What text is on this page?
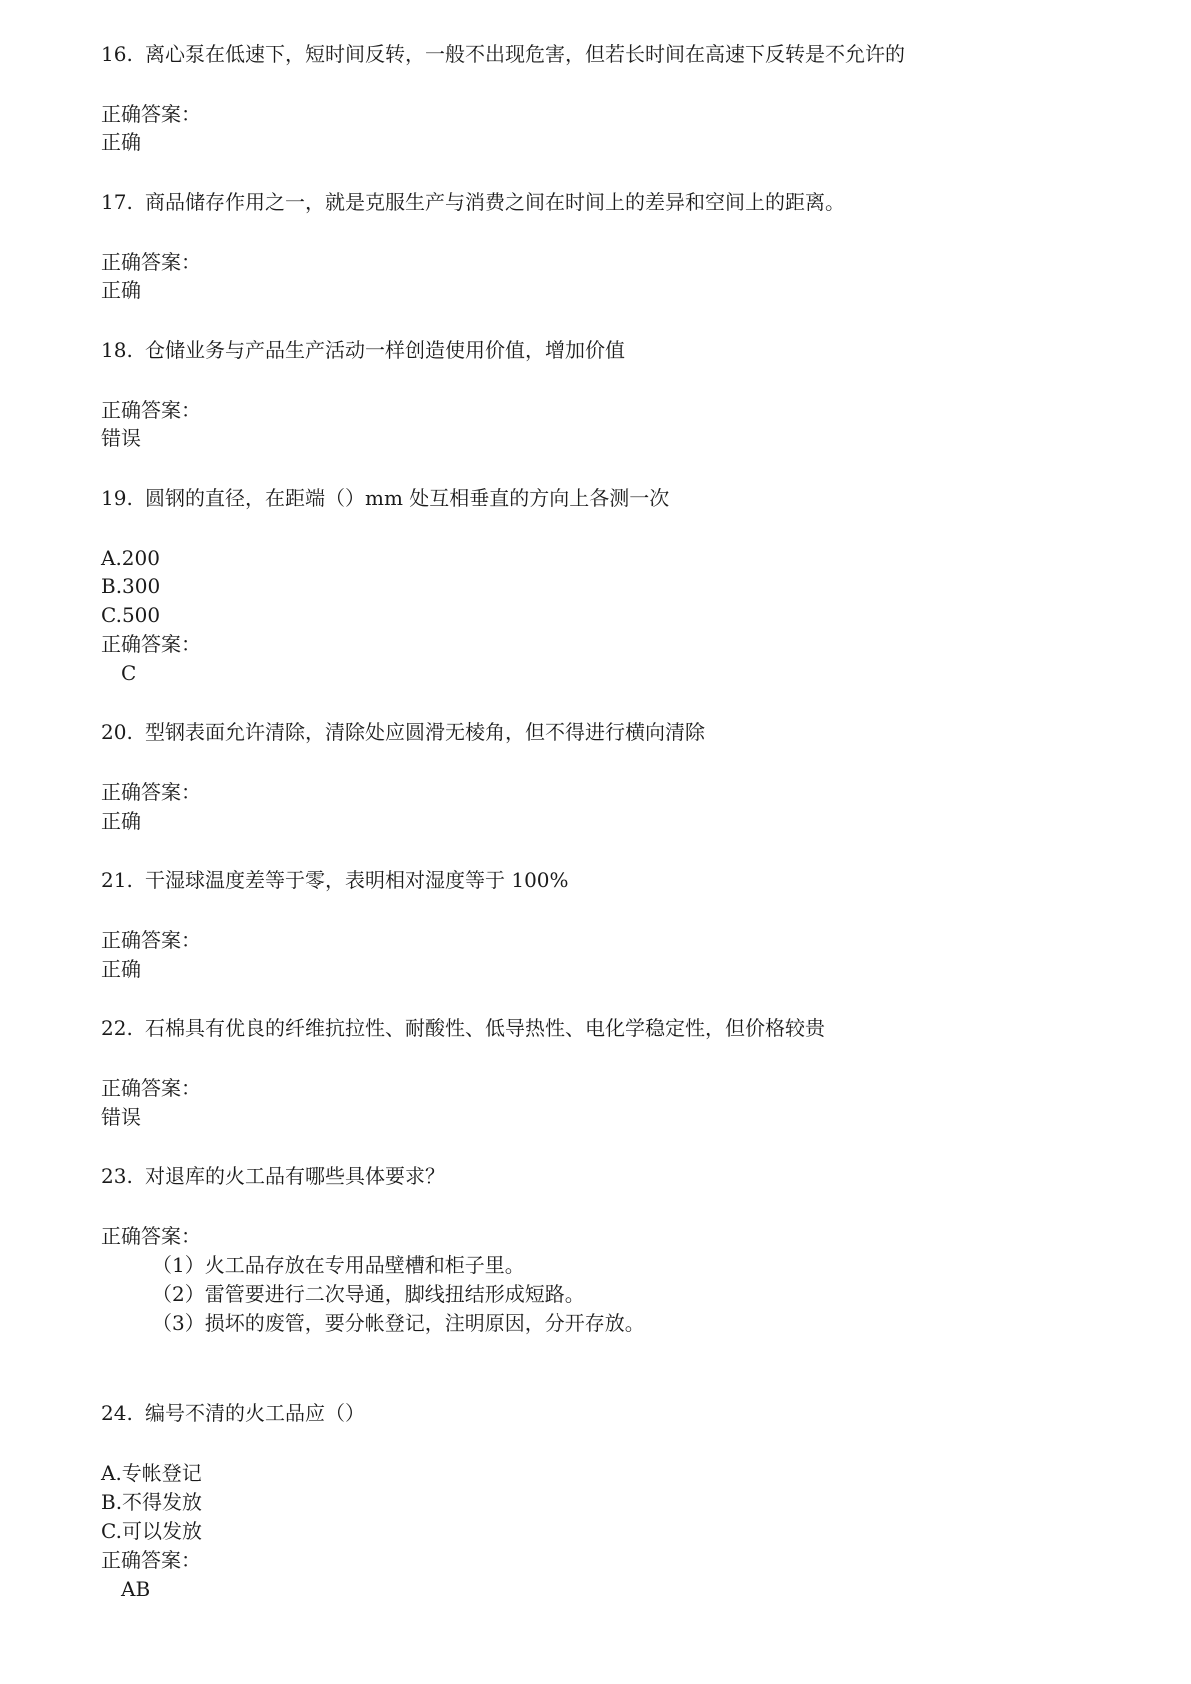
16. 离心泵在低速下，短时间反转，一般不出现危害，但若长时间在高速下反转是不允许的
正确答案：
正确
17. 商品储存作用之一，就是克服生产与消费之间在时间上的差异和空间上的距离。
正确答案：
正确
18. 仓储业务与产品生产活动一样创造使用价值，增加价值
正确答案：
错误
19. 圆钢的直径，在距端（）mm 处互相垂直的方向上各测一次
A.200
B.300
C.500
正确答案：
C
20. 型钢表面允许清除，清除处应圆滑无棱角，但不得进行横向清除
正确答案：
正确
21. 干湿球温度差等于零，表明相对湿度等于 100%
正确答案：
正确
22. 石棉具有优良的纤维抗拉性、耐酸性、低导热性、电化学稳定性，但价格较贵
正确答案：
错误
23. 对退库的火工品有哪些具体要求？
正确答案：
（1）火工品存放在专用品壁槽和柜子里。
（2）雷管要进行二次导通，脚线扭结形成短路。
（3）损坏的废管，要分帐登记，注明原因，分开存放。
24. 编号不清的火工品应（）
A.专帐登记
B.不得发放
C.可以发放
正确答案：
AB
